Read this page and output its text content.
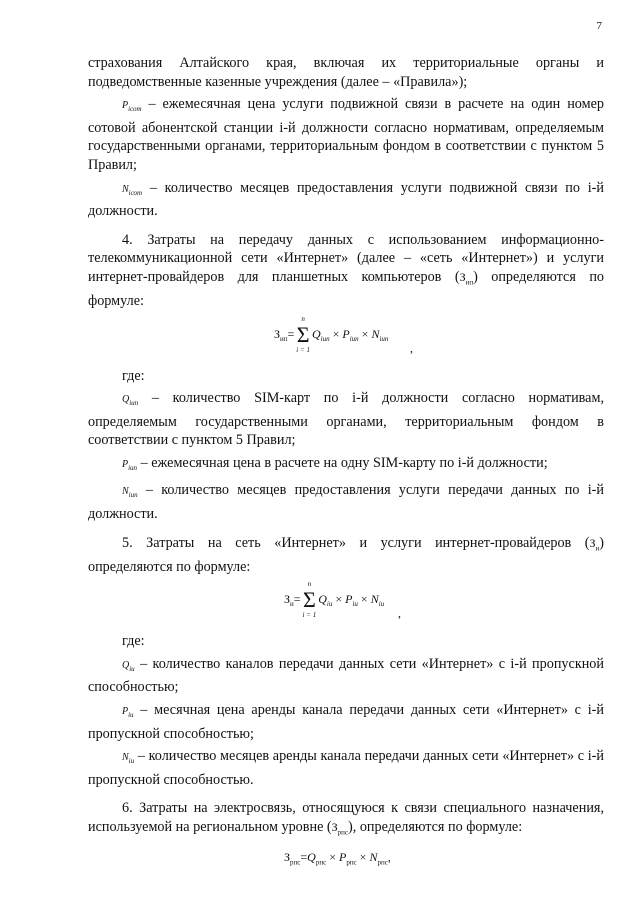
7

страхования Алтайского края, включая их территориальные органы и подведомственные казенные учреждения (далее – «Правила»);

$P_{iсот}$ – ежемесячная цена услуги подвижной связи в расчете на один номер сотовой абонентской станции i-й должности согласно нормативам, определяемым государственными органами, территориальным фондом в соответствии с пунктом 5 Правил;

$N_{iсот}$ – количество месяцев предоставления услуги подвижной связи по i-й должности.

4. Затраты на передачу данных с использованием информационно-телекоммуникационной сети «Интернет» (далее – «сеть «Интернет») и услуги интернет-провайдеров для планшетных компьютеров $(З_{ип})$ определяются по формуле:

$З_{ип}=$
n
Σ
i = 1
$Q_{iип} \times P_{iип} \times N_{iип}$
,

где:

$Q_{iип}$ – количество SIM-карт по i-й должности согласно нормативам, определяемым государственными органами, территориальным фондом в соответствии с пунктом 5 Правил;

$P_{iип}$ – ежемесячная цена в расчете на одну SIM-карту по i-й должности;

$N_{iип}$ – количество месяцев предоставления услуги передачи данных по i-й должности.

5. Затраты на сеть «Интернет» и услуги интернет-провайдеров $(З_и)$ определяются по формуле:

$З_и=$
n
Σ
i = 1
$Q_{iи} \times P_{iи} \times N_{iи}$
,

где:

$Q_{iи}$ – количество каналов передачи данных сети «Интернет» с i-й пропускной способностью;

$P_{iи}$ – месячная цена аренды канала передачи данных сети «Интернет» с i-й пропускной способностью;

$N_{iи}$ – количество месяцев аренды канала передачи данных сети «Интернет» с i-й пропускной способностью.

6. Затраты на электросвязь, относящуюся к связи специального назначения, используемой на региональном уровне $(З_{рпс})$, определяются по формуле:

$З_{рпс}=Q_{рпс} \times P_{рпс} \times N_{рпс}$,
